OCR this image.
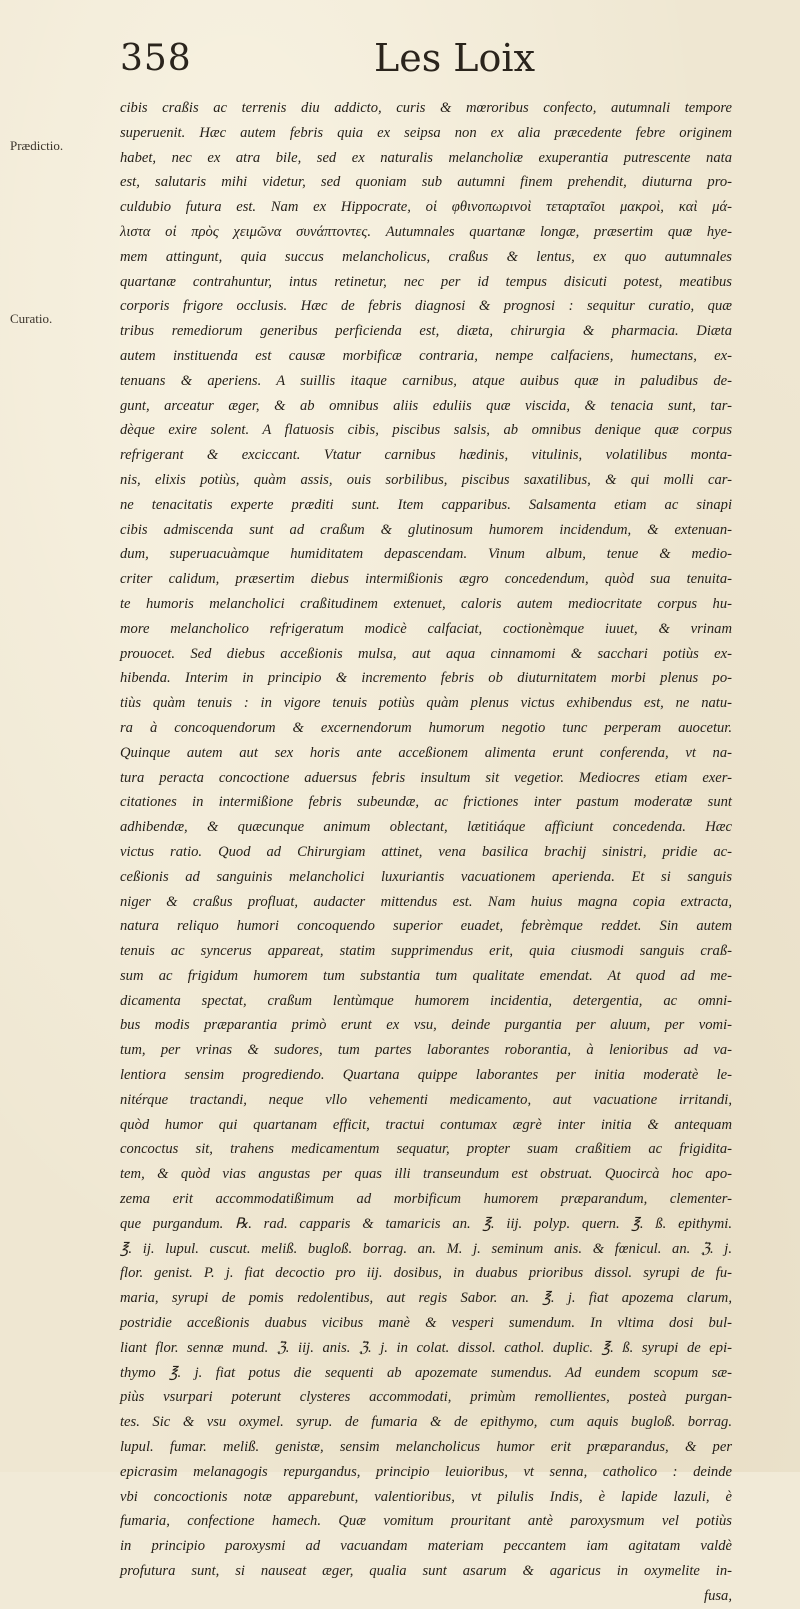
358	Les Loix
Prædictio.
Curatio.
cibis craßis ac terrenis diu addicto, curis & mœroribus confecto, autumnali tempore
superuenit. Hæc autem febris quia ex seipsa non ex alia præcedente febre originem
habet, nec ex atra bile, sed ex naturalis melancholiæ exuperantia putrescente nata
est, salutaris mihi videtur, sed quoniam sub autumni finem prehendit, diuturna pro-
culdubio futura est. Nam ex Hippocrate, οἱ φθινοπωρινοὶ τεταρταῖοι μακροὶ, καὶ μά-
λιστα οἱ πρὸς χειμῶνα συνάπτοντες. Autumnales quartanæ longæ, præsertim quæ hye-
mem attingunt, quia succus melancholicus, craßus & lentus, ex quo autumnales
quartanæ contrahuntur, intus retinetur, nec per id tempus disicuti potest, meatibus
corporis frigore occlusis. Hæc de febris diagnosi & prognosi : sequitur curatio, quæ
tribus remediorum generibus perficienda est, diæta, chirurgia & pharmacia. Diæta
autem instituenda est causæ morbificæ contraria, nempe calfaciens, humectans, ex-
tenuans & aperiens. A suillis itaque carnibus, atque auibus quæ in paludibus de-
gunt, arceatur æger, & ab omnibus aliis eduliis quæ viscida, & tenacia sunt, tar-
dèque exire solent. A flatuosis cibis, piscibus salsis, ab omnibus denique quæ corpus
refrigerant & exciccant. Vtatur carnibus hædinis, vitulinis, volatilibus monta-
nis, elixis potiùs, quàm assis, ouis sorbilibus, piscibus saxatilibus, & qui molli car-
ne tenacitatis experte præditi sunt. Item capparibus. Salsamenta etiam ac sinapi
cibis admiscenda sunt ad craßum & glutinosum humorem incidendum, & extenuan-
dum, superuacuàmque humiditatem depascendam. Vinum album, tenue & medio-
criter calidum, præsertim diebus intermißionis ægro concedendum, quòd sua tenuita-
te humoris melancholici craßitudinem extenuet, caloris autem mediocritate corpus hu-
more melancholico refrigeratum modicè calfaciat, coctionèmque iuuet, & vrinam
prouocet. Sed diebus acceßionis mulsa, aut aqua cinnamomi & sacchari potiùs ex-
hibenda. Interim in principio & incremento febris ob diuturnitatem morbi plenus po-
tiùs quàm tenuis : in vigore tenuis potiùs quàm plenus victus exhibendus est, ne natu-
ra à concoquendorum & excernendorum humorum negotio tunc perperam auocetur.
Quinque autem aut sex horis ante acceßionem alimenta erunt conferenda, vt na-
tura peracta concoctione aduersus febris insultum sit vegetior. Mediocres etiam exer-
citationes in intermißione febris subeundæ, ac frictiones inter pastum moderatæ sunt
adhibendæ, & quæcunque animum oblectant, lætitiáque afficiunt concedenda. Hæc
victus ratio. Quod ad Chirurgiam attinet, vena basilica brachij sinistri, pridie ac-
ceßionis ad sanguinis melancholici luxuriantis vacuationem aperienda. Et si sanguis
niger & craßus profluat, audacter mittendus est. Nam huius magna copia extracta,
natura reliquo humori concoquendo superior euadet, febrèmque reddet. Sin autem
tenuis ac syncerus appareat, statim supprimendus erit, quia ciusmodi sanguis craß-
sum ac frigidum humorem tum substantia tum qualitate emendat. At quod ad me-
dicamenta spectat, craßum lentùmque humorem incidentia, detergentia, ac omni-
bus modis præparantia primò erunt ex vsu, deinde purgantia per aluum, per vomi-
tum, per vrinas & sudores, tum partes laborantes roborantia, à lenioribus ad va-
lentiora sensim progrediendo. Quartana quippe laborantes per initia moderatè le-
nitérque tractandi, neque vllo vehementi medicamento, aut vacuatione irritandi,
quòd humor qui quartanam efficit, tractui contumax ægrè inter initia & antequam
concoctus sit, trahens medicamentum sequatur, propter suam craßitiem ac frigidita-
tem, & quòd vias angustas per quas illi transeundum est obstruat. Quocircà hoc apo-
zema erit accommodatißimum ad morbificum humorem præparandum, clementer-
que purgandum. ℞. rad. capparis & tamaricis an. ℥. iij. polyp. quern. ℥. ß. epithymi.
℥. ij. lupul. cuscut. meliß. bugloß. borrag. an. M. j. seminum anis. & fœnicul. an. ℨ. j.
flor. genist. P. j. fiat decoctio pro iij. dosibus, in duabus prioribus dissol. syrupi de fu-
maria, syrupi de pomis redolentibus, aut regis Sabor. an. ℥. j. fiat apozema clarum,
postridie acceßionis duabus vicibus manè & vesperi sumendum. In vltima dosi bul-
liant flor. sennæ mund. ℨ. iij. anis. ℨ. j. in colat. dissol. cathol. duplic. ℥. ß. syrupi de epi-
thymo ℥. j. fiat potus die sequenti ab apozemate sumendus. Ad eundem scopum sæ-
piùs vsurpari poterunt clysteres accommodati, primùm remollientes, posteà purgan-
tes. Sic & vsu oxymel. syrup. de fumaria & de epithymo, cum aquis bugloß. borrag.
lupul. fumar. meliß. genistæ, sensim melancholicus humor erit præparandus, & per
epicrasim melanagogis repurgandus, principio leuioribus, vt senna, catholico : deinde
vbi concoctionis notæ apparebunt, valentioribus, vt pilulis Indis, è lapide lazuli, è
fumaria, confectione hamech. Quæ vomitum prouritant antè paroxysmum vel potiùs
in principio paroxysmi ad vacuandam materiam peccantem iam agitatam valdè
profutura sunt, si nauseat æger, qualia sunt asarum & agaricus in oxymelite in-
fusa,
